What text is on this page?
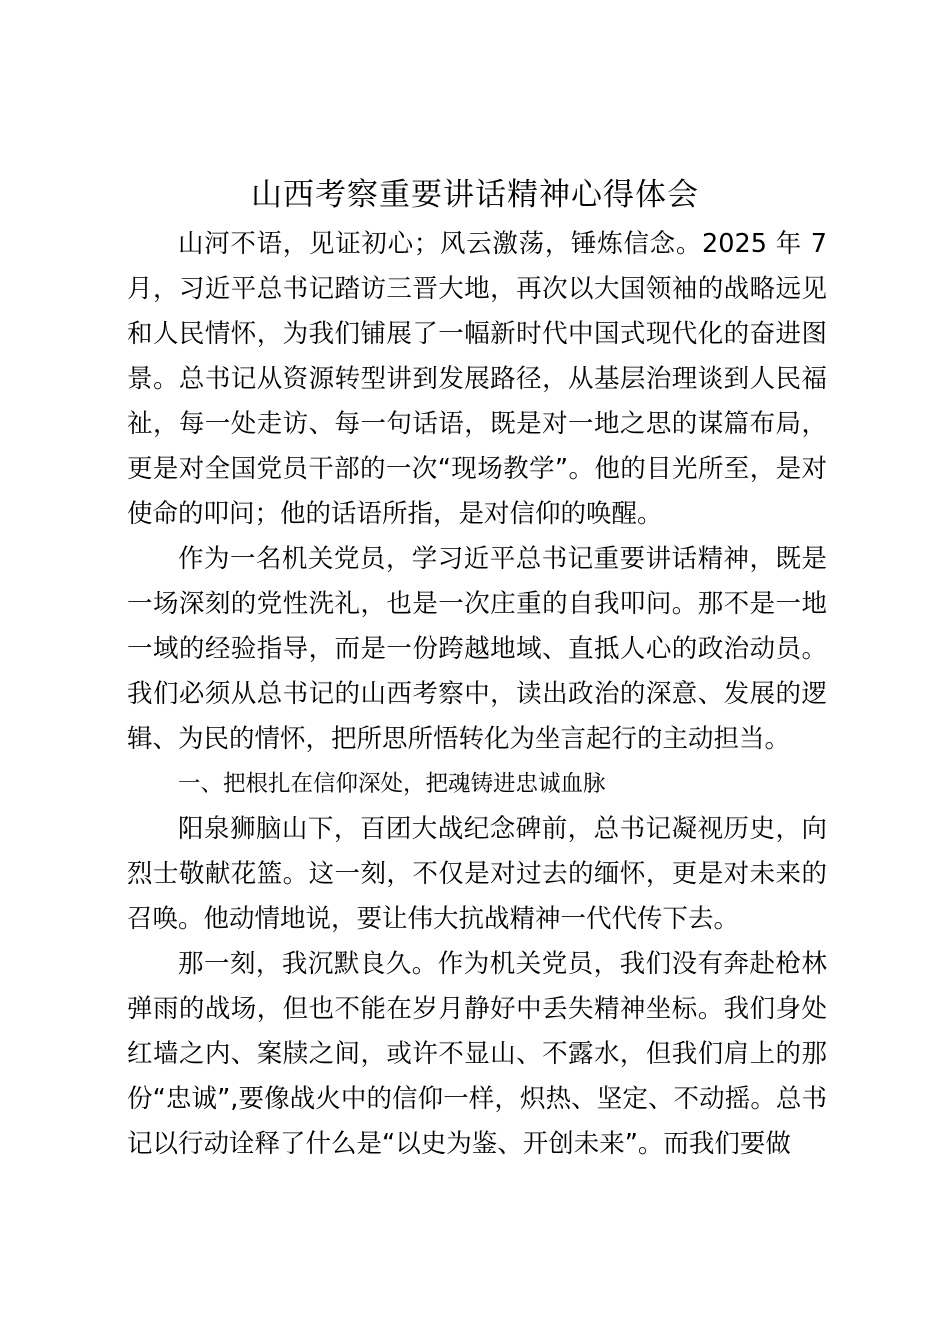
山西考察重要讲话精神心得体会

山河不语，见证初心；风云激荡，锤炼信念。2025 年 7 月，习近平总书记踏访三晋大地，再次以大国领袖的战略远见和人民情怀，为我们铺展了一幅新时代中国式现代化的奋进图景。总书记从资源转型讲到发展路径，从基层治理谈到人民福祉，每一处走访、每一句话语，既是对一地之思的谋篇布局，更是对全国党员干部的一次“现场教学”。他的目光所至，是对使命的叩问；他的话语所指，是对信仰的唤醒。

作为一名机关党员，学习近平总书记重要讲话精神，既是一场深刻的党性洗礼，也是一次庄重的自我叩问。那不是一地一域的经验指导，而是一份跨越地域、直抵人心的政治动员。我们必须从总书记的山西考察中，读出政治的深意、发展的逻辑、为民的情怀，把所思所悟转化为坐言起行的主动担当。

一、把根扎在信仰深处，把魂铸进忠诚血脉

阳泉狮脑山下，百团大战纪念碑前，总书记凝视历史，向烈士敬献花篮。这一刻，不仅是对过去的缅怀，更是对未来的召唤。他动情地说，要让伟大抗战精神一代代传下去。

那一刻，我沉默良久。作为机关党员，我们没有奔赴枪林弹雨的战场，但也不能在岁月静好中丢失精神坐标。我们身处红墙之内、案牍之间，或许不显山、不露水，但我们肩上的那份“忠诚”,要像战火中的信仰一样，炽热、坚定、不动摇。总书记以行动诠释了什么是“以史为鉴、开创未来”。而我们要做
